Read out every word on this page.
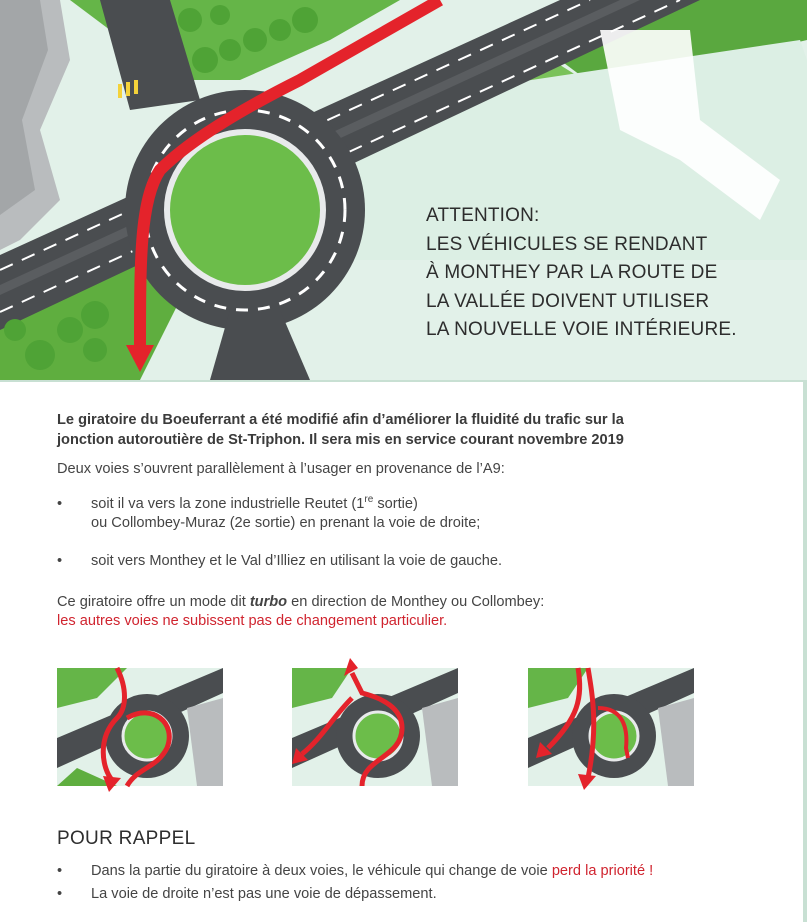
ATTENTION:
LES VÉHICULES SE RENDANT
À MONTHEY PAR LA ROUTE DE
LA VALLÉE DOIVENT UTILISER
LA NOUVELLE VOIE INTÉRIEURE.
Le giratoire du Boeuferrant a été modifié afin d’améliorer la fluidité du trafic sur la
jonction autoroutière de St-Triphon. Il sera mis en service courant novembre 2019

Deux voies s’ouvrent parallèlement à l’usager en provenance de l’A9:

• soit il va vers la zone industrielle Reutet (1re sortie)
ou Collombey-Muraz (2e sortie) en prenant la voie de droite;
• soit vers Monthey et le Val d’Illiez en utilisant la voie de gauche.

Ce giratoire offre un mode dit turbo en direction de Monthey ou Collombey:

les autres voies ne subissent pas de changement particulier.

POUR RAPPEL
• Dans la partie du giratoire à deux voies, le véhicule qui change de voie perd la priorité !
• La voie de droite n’est pas une voie de dépassement.
